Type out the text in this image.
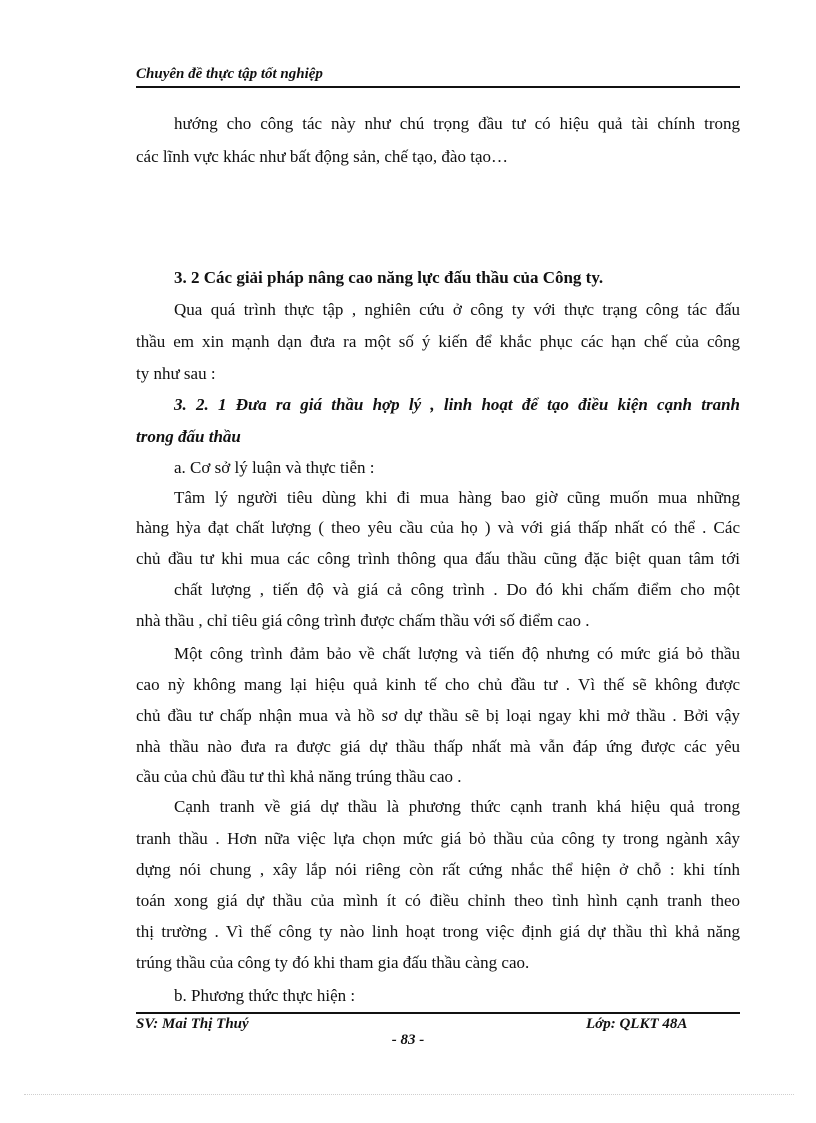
Chuyên đề thực tập tốt nghiệp
hướng cho công tác này như chú trọng đầu tư có hiệu quả tài chính trong
các lĩnh vực khác như bất động sản, chế tạo, đào tạo…
3. 2 Các giải pháp nâng cao năng lực đấu thầu của Công ty.
Qua quá trình thực tập , nghiên cứu ở công ty với thực trạng công tác đấu
thầu em xin mạnh dạn đưa ra một số ý kiến để khắc phục các hạn chế của công
ty như sau :
3. 2. 1 Đưa ra giá thầu hợp lý , linh hoạt để tạo điều kiện cạnh tranh
trong đấu thầu
a. Cơ sở lý luận và thực tiễn :
Tâm lý người tiêu dùng khi đi mua hàng bao giờ cũng muốn mua những
hàng hỳa đạt chất lượng ( theo yêu cầu của họ ) và với giá thấp nhất có thể . Các
chủ đầu tư khi mua các công trình thông qua đấu thầu cũng đặc biệt quan tâm tới
chất lượng , tiến độ và giá cả công trình . Do đó khi chấm điểm cho một
nhà thầu , chỉ tiêu giá công trình được chấm thầu với số điểm cao .
Một công trình đảm bảo về chất lượng và tiến độ nhưng có mức giá bỏ thầu
cao nỳ không mang lại hiệu quả kinh tế cho chủ đầu tư . Vì thế sẽ không được
chủ đầu tư chấp nhận mua và hồ sơ dự thầu sẽ bị loại ngay khi mở thầu . Bởi vậy
nhà thầu nào đưa ra được giá dự thầu thấp nhất mà vẫn đáp ứng được các yêu
cầu của chủ đầu tư thì khả năng trúng thầu cao .
Cạnh tranh về giá dự thầu là phương thức cạnh tranh khá hiệu quả trong
tranh thầu . Hơn nữa việc lựa chọn mức giá bỏ thầu của công ty trong ngành xây
dựng nói chung , xây lắp nói riêng còn rất cứng nhắc thể hiện ở chỗ : khi tính
toán xong giá dự thầu của mình ít có điều chỉnh theo tình hình cạnh tranh theo
thị trường . Vì thế công ty nào linh hoạt trong việc định giá dự thầu thì khả năng
trúng thầu của công ty đó khi tham gia đấu thầu càng cao.
b. Phương thức thực hiện :
SV: Mai Thị Thuý	Lớp: QLKT 48A
- 83 -
